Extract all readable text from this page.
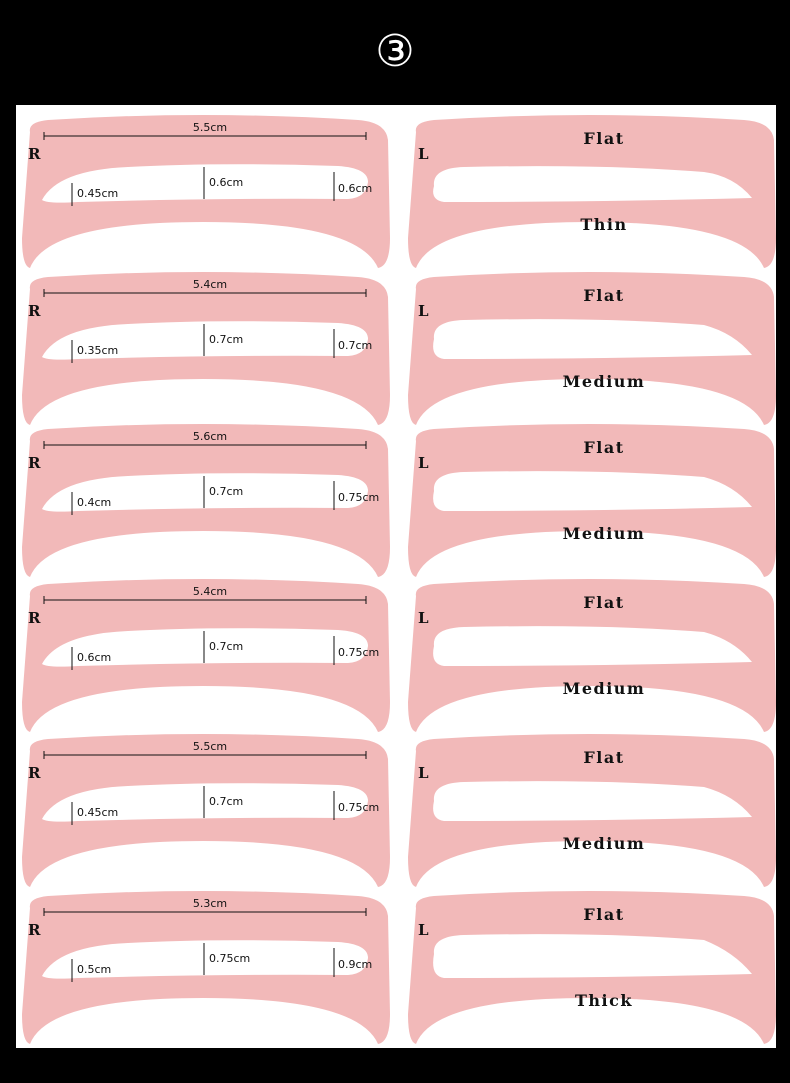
③
R
5.5cm
0.45cm
0.6cm	0.6cm
L
Flat
Thin
R
5.4cm
0.35cm
0.7cm	0.7cm
L
Flat
Medium
R
5.6cm
0.4cm
0.7cm	0.75cm
L
Flat
Medium
R
5.4cm
0.6cm
0.7cm	0.75cm
L
Flat
Medium
R
5.5cm
0.45cm
0.7cm	0.75cm
L
Flat
Medium
R
5.3cm
0.5cm
0.75cm	0.9cm
L
Flat
Thick
